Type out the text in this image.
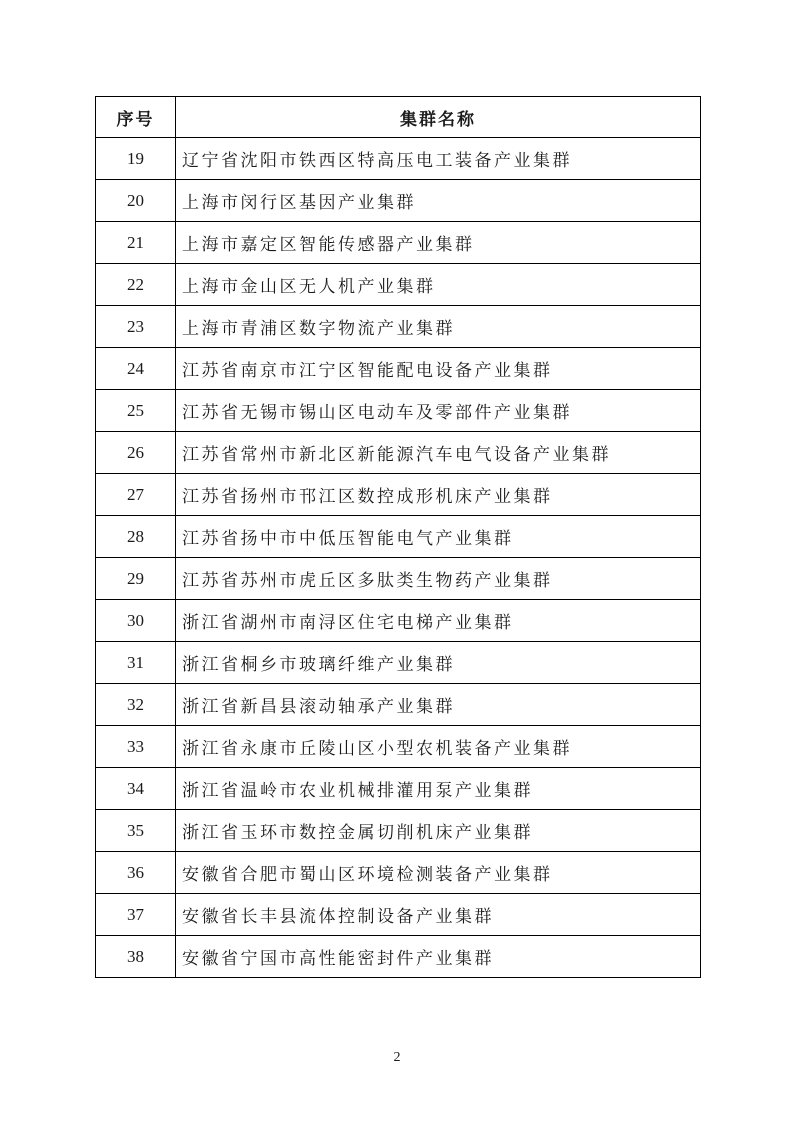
序号	集群名称
19	辽宁省沈阳市铁西区特高压电工装备产业集群
20	上海市闵行区基因产业集群
21	上海市嘉定区智能传感器产业集群
22	上海市金山区无人机产业集群
23	上海市青浦区数字物流产业集群
24	江苏省南京市江宁区智能配电设备产业集群
25	江苏省无锡市锡山区电动车及零部件产业集群
26	江苏省常州市新北区新能源汽车电气设备产业集群
27	江苏省扬州市邗江区数控成形机床产业集群
28	江苏省扬中市中低压智能电气产业集群
29	江苏省苏州市虎丘区多肽类生物药产业集群
30	浙江省湖州市南浔区住宅电梯产业集群
31	浙江省桐乡市玻璃纤维产业集群
32	浙江省新昌县滚动轴承产业集群
33	浙江省永康市丘陵山区小型农机装备产业集群
34	浙江省温岭市农业机械排灌用泵产业集群
35	浙江省玉环市数控金属切削机床产业集群
36	安徽省合肥市蜀山区环境检测装备产业集群
37	安徽省长丰县流体控制设备产业集群
38	安徽省宁国市高性能密封件产业集群
2
